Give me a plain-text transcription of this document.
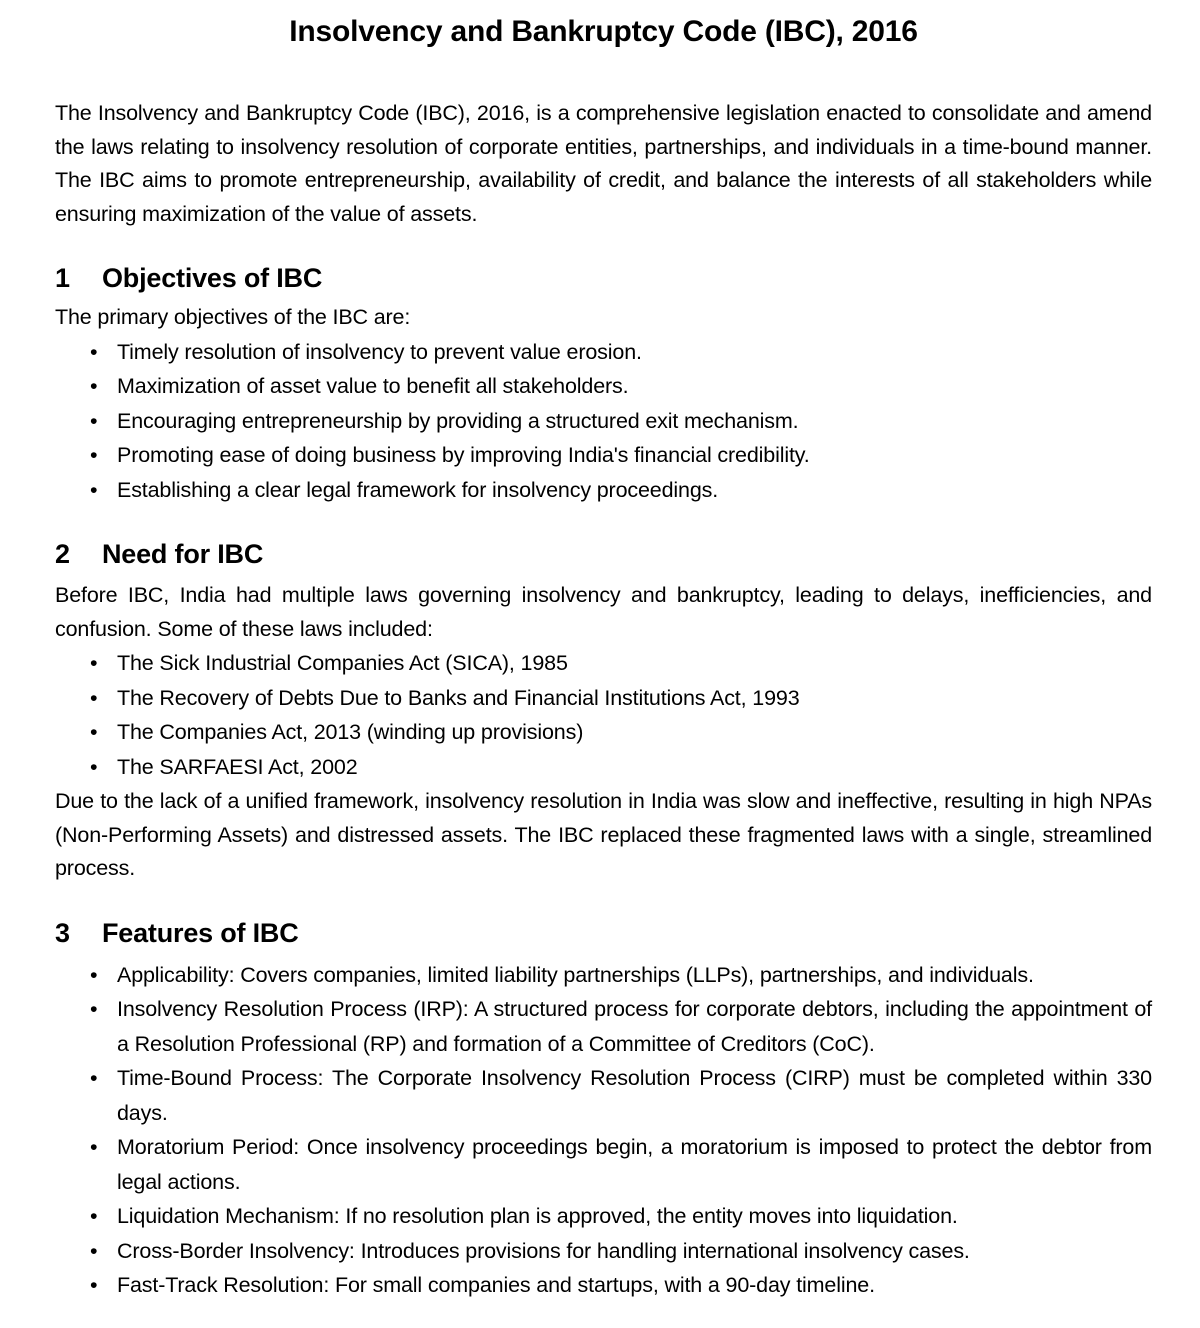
Insolvency and Bankruptcy Code (IBC), 2016

The Insolvency and Bankruptcy Code (IBC), 2016, is a comprehensive legislation enacted to consolidate and amend the laws relating to insolvency resolution of corporate entities, partnerships, and individuals in a time-bound manner. The IBC aims to promote entrepreneurship, availability of credit, and balance the interests of all stakeholders while ensuring maximization of the value of assets.

1	Objectives of IBC

The primary objectives of the IBC are:

• Timely resolution of insolvency to prevent value erosion.
• Maximization of asset value to benefit all stakeholders.
• Encouraging entrepreneurship by providing a structured exit mechanism.
• Promoting ease of doing business by improving India's financial credibility.
• Establishing a clear legal framework for insolvency proceedings.
2	Need for IBC

Before IBC, India had multiple laws governing insolvency and bankruptcy, leading to delays, inefficiencies, and confusion. Some of these laws included:

• The Sick Industrial Companies Act (SICA), 1985
• The Recovery of Debts Due to Banks and Financial Institutions Act, 1993
• The Companies Act, 2013 (winding up provisions)
• The SARFAESI Act, 2002

Due to the lack of a unified framework, insolvency resolution in India was slow and ineffective, resulting in high NPAs (Non-Performing Assets) and distressed assets. The IBC replaced these fragmented laws with a single, streamlined process.

3	Features of IBC
• Applicability: Covers companies, limited liability partnerships (LLPs), partnerships, and individuals.
• Insolvency Resolution Process (IRP): A structured process for corporate debtors, including the appointment of a Resolution Professional (RP) and formation of a Committee of Creditors (CoC).
• Time-Bound Process: The Corporate Insolvency Resolution Process (CIRP) must be completed within 330 days.
• Moratorium Period: Once insolvency proceedings begin, a moratorium is imposed to protect the debtor from legal actions.
• Liquidation Mechanism: If no resolution plan is approved, the entity moves into liquidation.
• Cross-Border Insolvency: Introduces provisions for handling international insolvency cases.
• Fast-Track Resolution: For small companies and startups, with a 90-day timeline.
